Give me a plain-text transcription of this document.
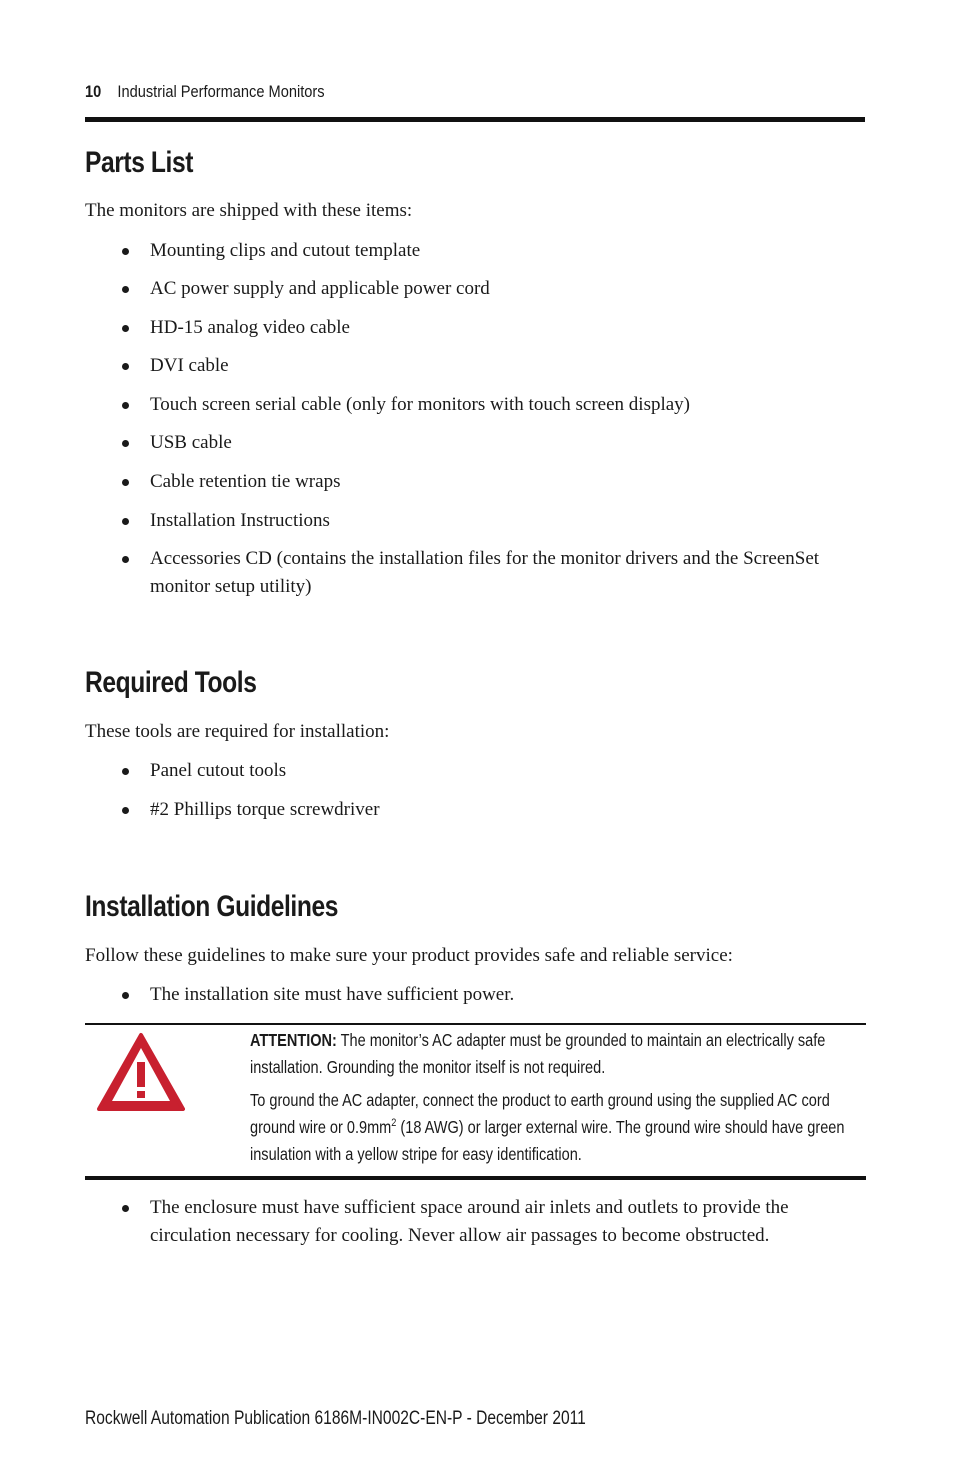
10 Industrial Performance Monitors
Parts List

The monitors are shipped with these items:

Mounting clips and cutout template
AC power supply and applicable power cord
HD-15 analog video cable
DVI cable
Touch screen serial cable (only for monitors with touch screen display)
USB cable
Cable retention tie wraps
Installation Instructions
Accessories CD (contains the installation files for the monitor drivers and the ScreenSet monitor setup utility)
Required Tools

These tools are required for installation:

Panel cutout tools
#2 Phillips torque screwdriver
Installation Guidelines

Follow these guidelines to make sure your product provides safe and reliable service:

The installation site must have sufficient power.

ATTENTION: The monitor’s AC adapter must be grounded to maintain an electrically safe installation. Grounding the monitor itself is not required.

To ground the AC adapter, connect the product to earth ground using the supplied AC cord ground wire or $0.9mm^2$ (18 AWG) or larger external wire. The ground wire should have green insulation with a yellow stripe for easy identification.

The enclosure must have sufficient space around air inlets and outlets to provide the circulation necessary for cooling. Never allow air passages to become obstructed.
Rockwell Automation Publication 6186M-IN002C-EN-P - December 2011
